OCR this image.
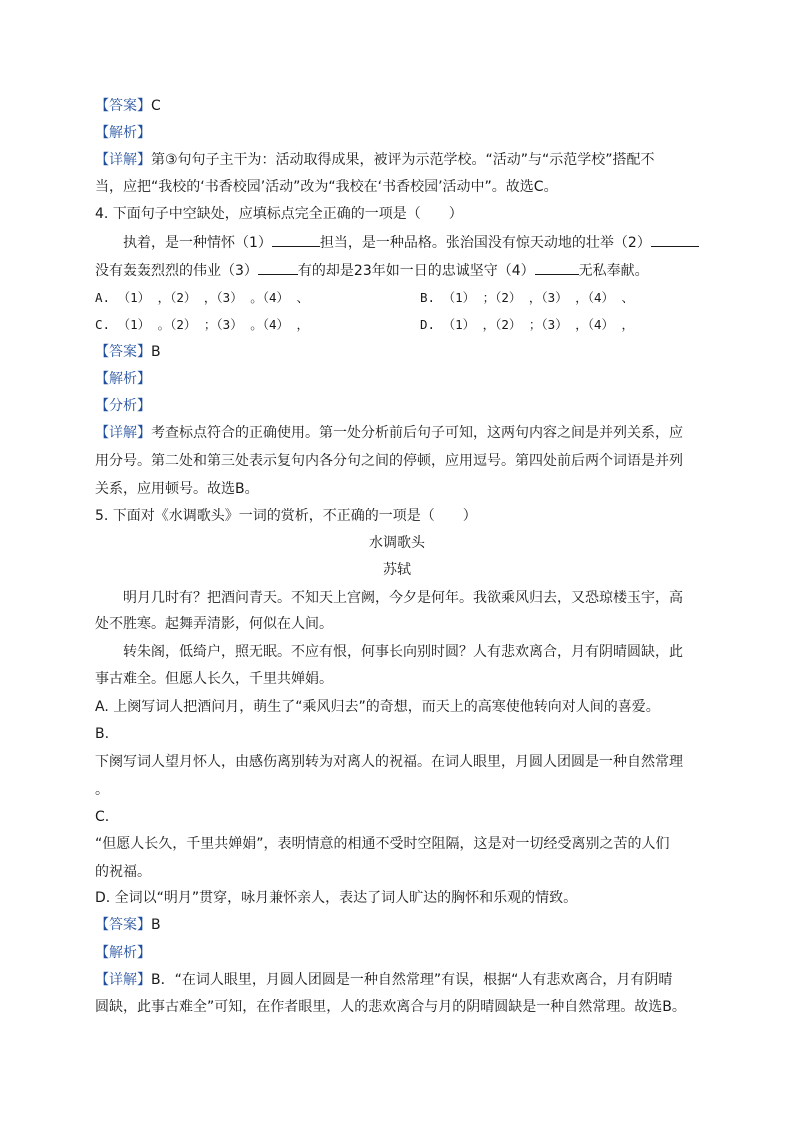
【答案】C
【解析】
【详解】第③句句子主干为：活动取得成果，被评为示范学校。“活动”与“示范学校”搭配不
当，应把“我校的‘书香校园’活动”改为“我校在‘书香校园’活动中”。故选C。
4. 下面句子中空缺处，应填标点完全正确的一项是（　　）
执着，是一种情怀（1）	担当，是一种品格。张治国没有惊天动地的壮举（2）
没有轰轰烈烈的伟业（3）	有的却是23年如一日的忠诚坚守（4）	无私奉献。
A. （1） ，（2） ，（3） 。（4） 、	B. （1） ；（2） ，（3） ，（4） 、
C. （1） 。（2） ；（3） 。（4） ，	D. （1） ，（2） ；（3） ，（4） ，
【答案】B
【解析】
【分析】
【详解】考查标点符合的正确使用。第一处分析前后句子可知，这两句内容之间是并列关系，应
用分号。第二处和第三处表示复句内各分句之间的停顿，应用逗号。第四处前后两个词语是并列
关系，应用顿号。故选B。
5. 下面对《水调歌头》一词的赏析，不正确的一项是（　　）
水调歌头
苏轼
明月几时有？把酒问青天。不知天上宫阙，今夕是何年。我欲乘风归去，又恐琼楼玉宇，高
处不胜寒。起舞弄清影，何似在人间。
转朱阁，低绮户，照无眠。不应有恨，何事长向别时圆？人有悲欢离合，月有阴晴圆缺，此
事古难全。但愿人长久，千里共婵娟。
A. 上阕写词人把酒问月，萌生了“乘风归去”的奇想，而天上的高寒使他转向对人间的喜爱。
B.
下阕写词人望月怀人，由感伤离别转为对离人的祝福。在词人眼里，月圆人团圆是一种自然常理
。
C.
“但愿人长久，千里共婵娟”，表明情意的相通不受时空阻隔，这是对一切经受离别之苦的人们
的祝福。
D. 全词以“明月”贯穿，咏月兼怀亲人，表达了词人旷达的胸怀和乐观的情致。
【答案】B
【解析】
【详解】B．“在词人眼里，月圆人团圆是一种自然常理”有误，根据“人有悲欢离合，月有阴晴
圆缺，此事古难全”可知，在作者眼里，人的悲欢离合与月的阴晴圆缺是一种自然常理。故选B。
